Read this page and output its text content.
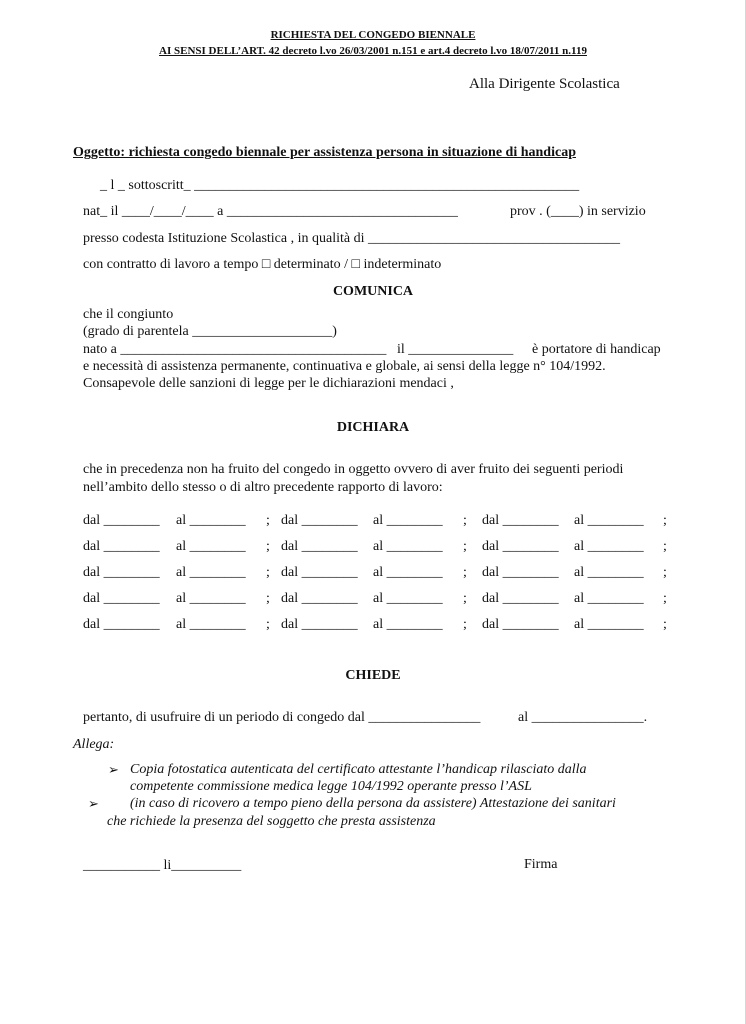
RICHIESTA DEL CONGEDO BIENNALE
AI SENSI DELL’ART. 42 decreto l.vo 26/03/2001 n.151 e art.4 decreto l.vo 18/07/2011 n.119
Alla Dirigente Scolastica
Oggetto: richiesta congedo biennale per assistenza persona in situazione di handicap
_ l _ sottoscritt_ _______________________________________________________
nat_ il ____/____/____ a _________________________________	prov . (____) in servizio
presso codesta Istituzione Scolastica , in qualità di ____________________________________
con contratto di lavoro a tempo □ determinato / □ indeterminato
COMUNICA
che il congiunto
(grado di parentela ____________________)
nato a ______________________________________ il _______________ è portatore di handicap
e necessità di assistenza permanente, continuativa e globale, ai sensi della legge n° 104/1992.
Consapevole delle sanzioni di legge per le dichiarazioni mendaci ,
DICHIARA
che in precedenza non ha fruito del congedo in oggetto ovvero di aver fruito dei seguenti periodi
nell’ambito dello stesso o di altro precedente rapporto di lavoro:
dal ________ al ________ ; dal ________ al ________ ; dal ________ al ________ ;
dal ________ al ________ ; dal ________ al ________ ; dal ________ al ________ ;
dal ________ al ________ ; dal ________ al ________ ; dal ________ al ________ ;
dal ________ al ________ ; dal ________ al ________ ; dal ________ al ________ ;
dal ________ al ________ ; dal ________ al ________ ; dal ________ al ________ ;
CHIEDE
pertanto, di usufruire di un periodo di congedo dal ________________	al ________________.
Allega:
➢ Copia fotostatica autenticata del certificato attestante l’handicap rilasciato dalla
competente commissione medica legge 104/1992 operante presso l’ASL
➢ (in caso di ricovero a tempo pieno della persona da assistere) Attestazione dei sanitari
che richiede la presenza del soggetto che presta assistenza
___________ li__________	Firma
